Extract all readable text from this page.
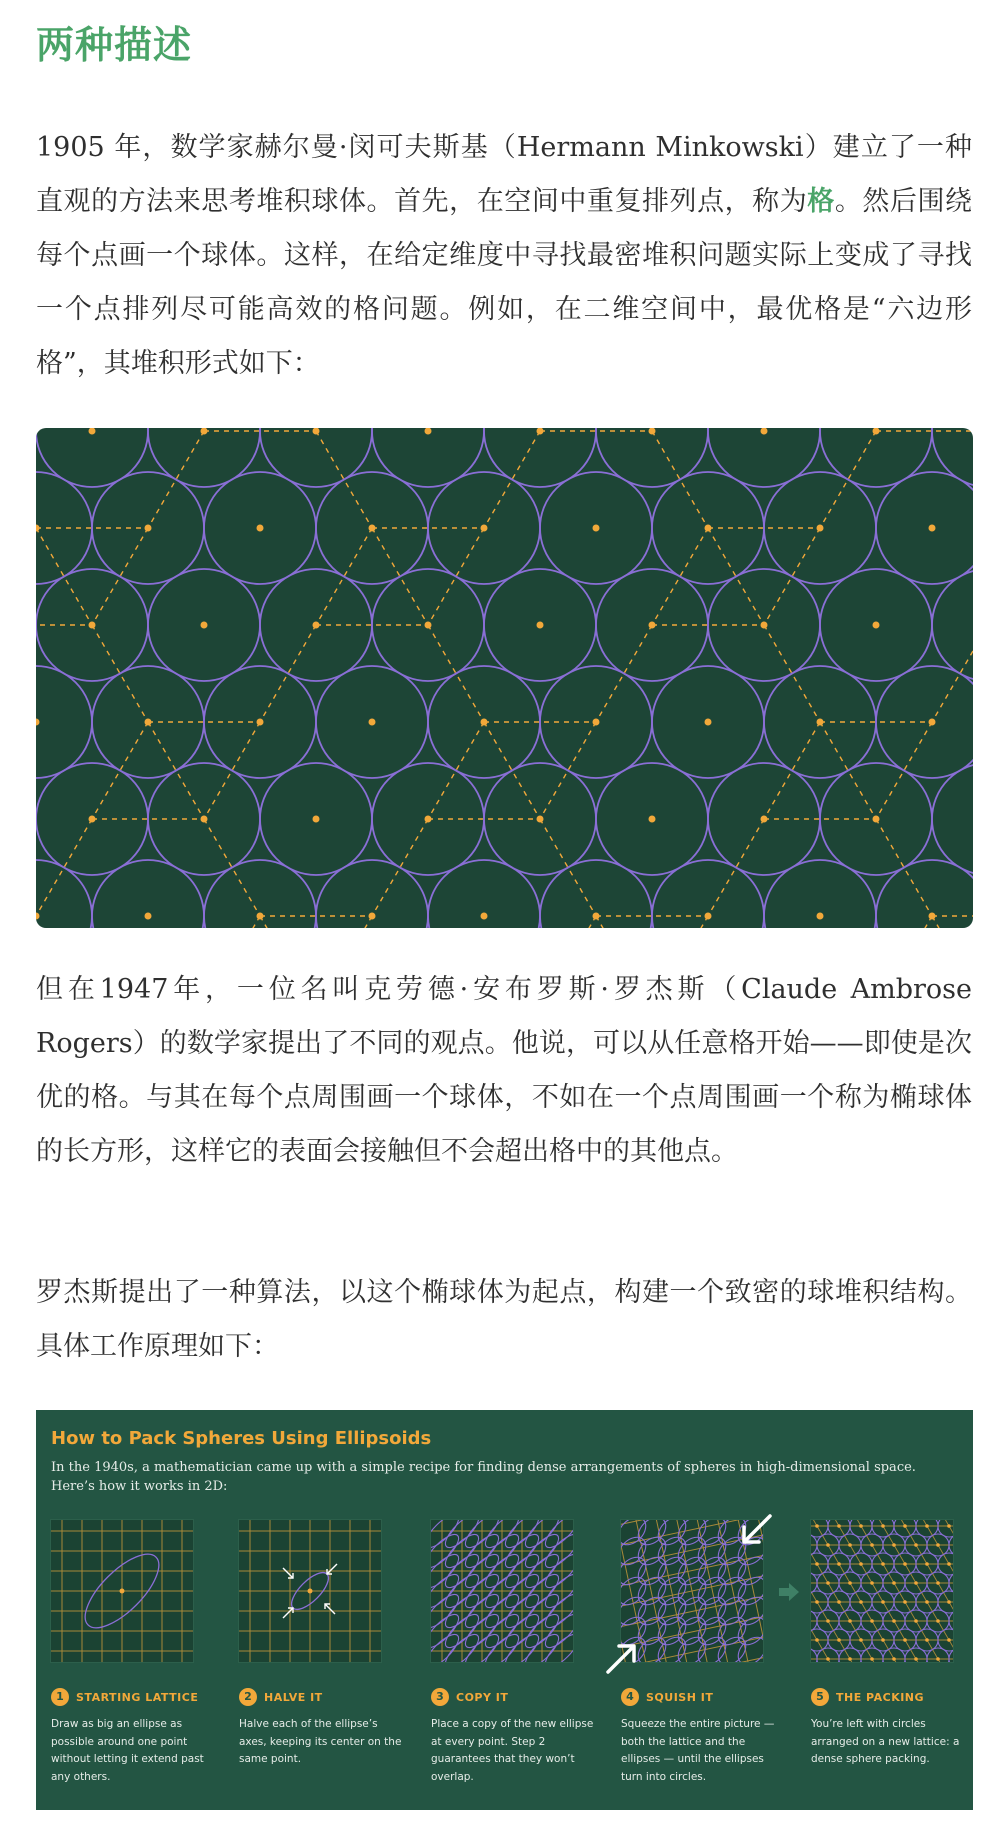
两种描述

1905 年，数学家赫尔曼·闵可夫斯基（Hermann Minkowski）建立了一种直观的方法来思考堆积球体。首先，在空间中重复排列点，称为格。然后围绕每个点画一个球体。这样，在给定维度中寻找最密堆积问题实际上变成了寻找一个点排列尽可能高效的格问题。例如，在二维空间中，最优格是“六边形格”，其堆积形式如下：

但在1947年，一位名叫克劳德·安布罗斯·罗杰斯（Claude Ambrose Rogers）的数学家提出了不同的观点。他说，可以从任意格开始——即使是次优的格。与其在每个点周围画一个球体，不如在一个点周围画一个称为椭球体的长方形，这样它的表面会接触但不会超出格中的其他点。

罗杰斯提出了一种算法，以这个椭球体为起点，构建一个致密的球堆积结构。具体工作原理如下：

How to Pack Spheres Using Ellipsoids

In the 1940s, a mathematician came up with a simple recipe for finding dense arrangements of spheres in high-dimensional space. Here’s how it works in 2D:

1	STARTING LATTICE

Draw as big an ellipse as possible around one point without letting it extend past any others.

2	HALVE IT

Halve each of the ellipse’s axes, keeping its center on the same point.

3	COPY IT

Place a copy of the new ellipse at every point. Step 2 guarantees that they won’t overlap.

4	SQUISH IT

Squeeze the entire picture — both the lattice and the ellipses — until the ellipses turn into circles.

5	THE PACKING

You’re left with circles arranged on a new lattice: a dense sphere packing.
